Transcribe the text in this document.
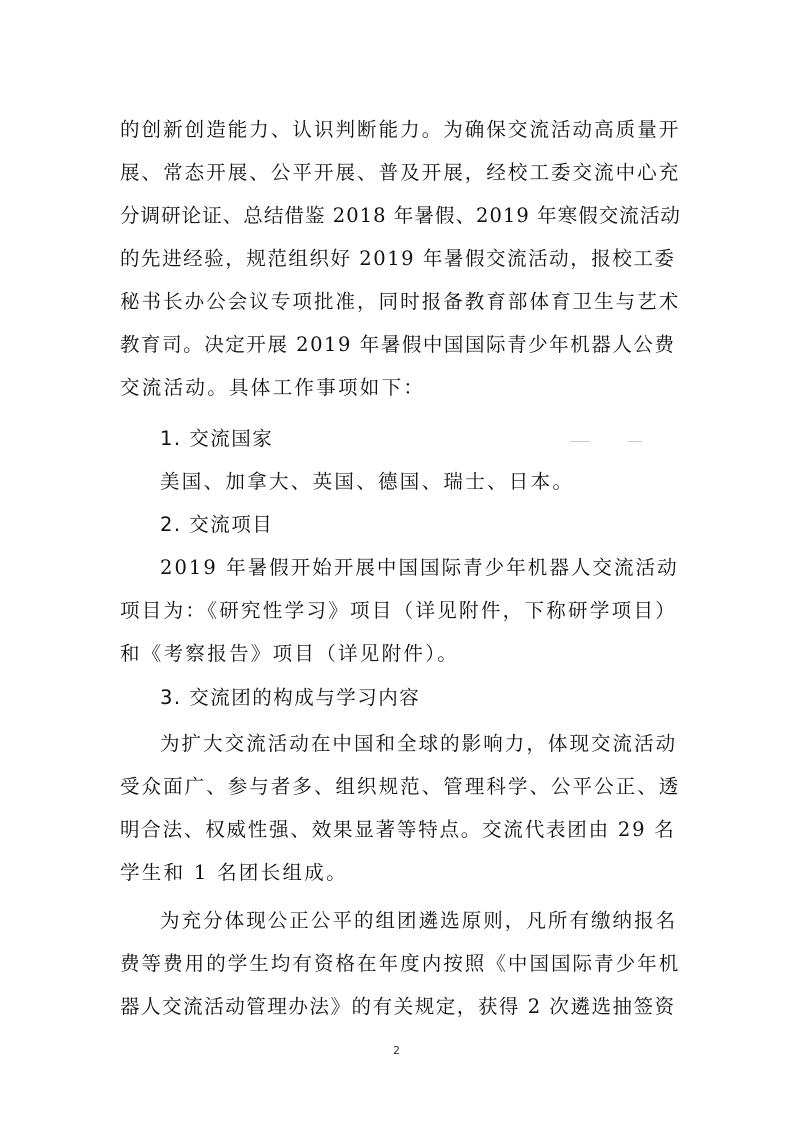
的创新创造能力、认识判断能力。为确保交流活动高质量开
展、常态开展、公平开展、普及开展，经校工委交流中心充
分调研论证、总结借鉴 2018 年暑假、2019 年寒假交流活动
的先进经验，规范组织好 2019 年暑假交流活动，报校工委
秘书长办公会议专项批准，同时报备教育部体育卫生与艺术
教育司。决定开展 2019 年暑假中国国际青少年机器人公费
交流活动。具体工作事项如下：
1. 交流国家
美国、加拿大、英国、德国、瑞士、日本。
2. 交流项目
2019 年暑假开始开展中国国际青少年机器人交流活动
项目为：《研究性学习》项目（详见附件，下称研学项目）
和《考察报告》项目（详见附件）。
3. 交流团的构成与学习内容
为扩大交流活动在中国和全球的影响力，体现交流活动
受众面广、参与者多、组织规范、管理科学、公平公正、透
明合法、权威性强、效果显著等特点。交流代表团由 29 名
学生和 1 名团长组成。
为充分体现公正公平的组团遴选原则，凡所有缴纳报名
费等费用的学生均有资格在年度内按照《中国国际青少年机
器人交流活动管理办法》的有关规定，获得 2 次遴选抽签资
2
